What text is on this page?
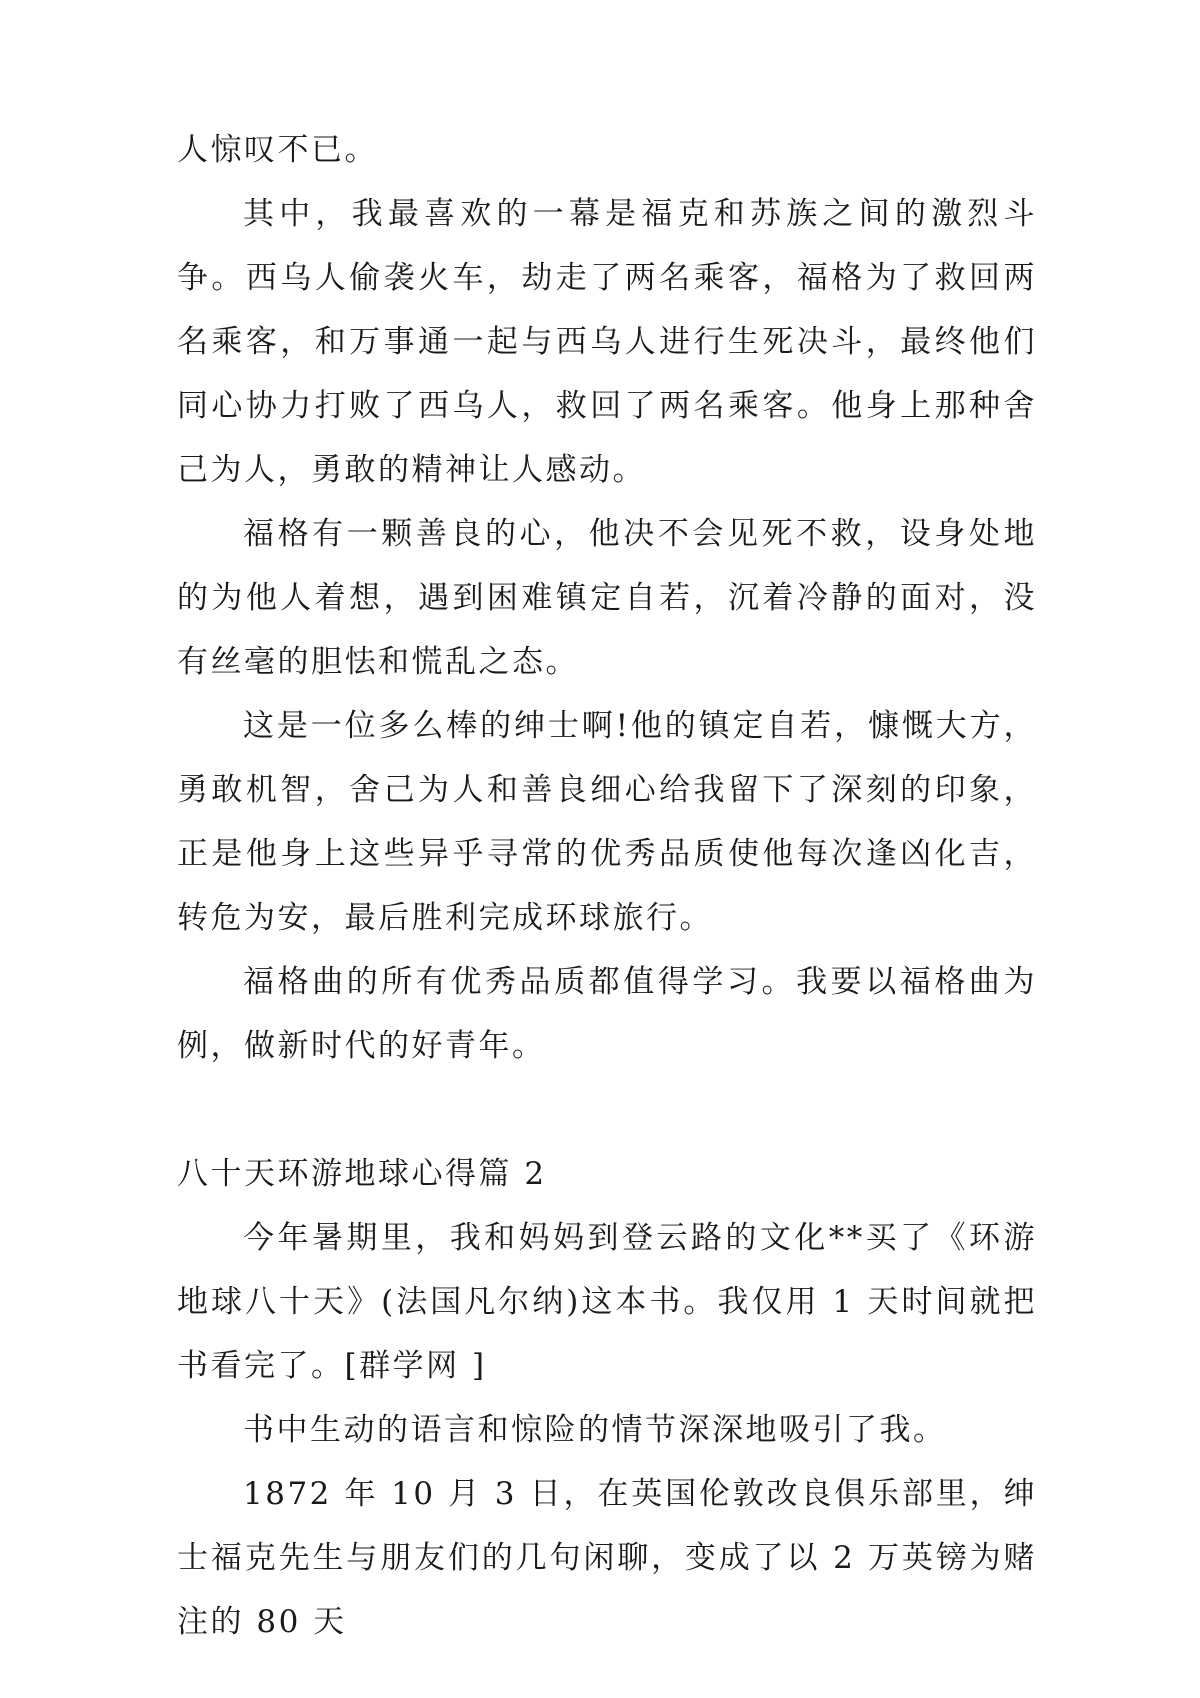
人惊叹不已。

其中，我最喜欢的一幕是福克和苏族之间的激烈斗争。西乌人偷袭火车，劫走了两名乘客，福格为了救回两名乘客，和万事通一起与西乌人进行生死决斗，最终他们同心协力打败了西乌人，救回了两名乘客。他身上那种舍己为人，勇敢的精神让人感动。

福格有一颗善良的心，他决不会见死不救，设身处地的为他人着想，遇到困难镇定自若，沉着冷静的面对，没有丝毫的胆怯和慌乱之态。

这是一位多么棒的绅士啊!他的镇定自若，慷慨大方，勇敢机智，舍己为人和善良细心给我留下了深刻的印象，正是他身上这些异乎寻常的优秀品质使他每次逢凶化吉，转危为安，最后胜利完成环球旅行。

福格曲的所有优秀品质都值得学习。我要以福格曲为例，做新时代的好青年。

八十天环游地球心得篇 2

今年暑期里，我和妈妈到登云路的文化**买了《环游地球八十天》(法国凡尔纳)这本书。我仅用 1 天时间就把书看完了。[群学网 ]

书中生动的语言和惊险的情节深深地吸引了我。

1872 年 10 月 3 日，在英国伦敦改良俱乐部里，绅士福克先生与朋友们的几句闲聊，变成了以 2 万英镑为赌注的 80 天
